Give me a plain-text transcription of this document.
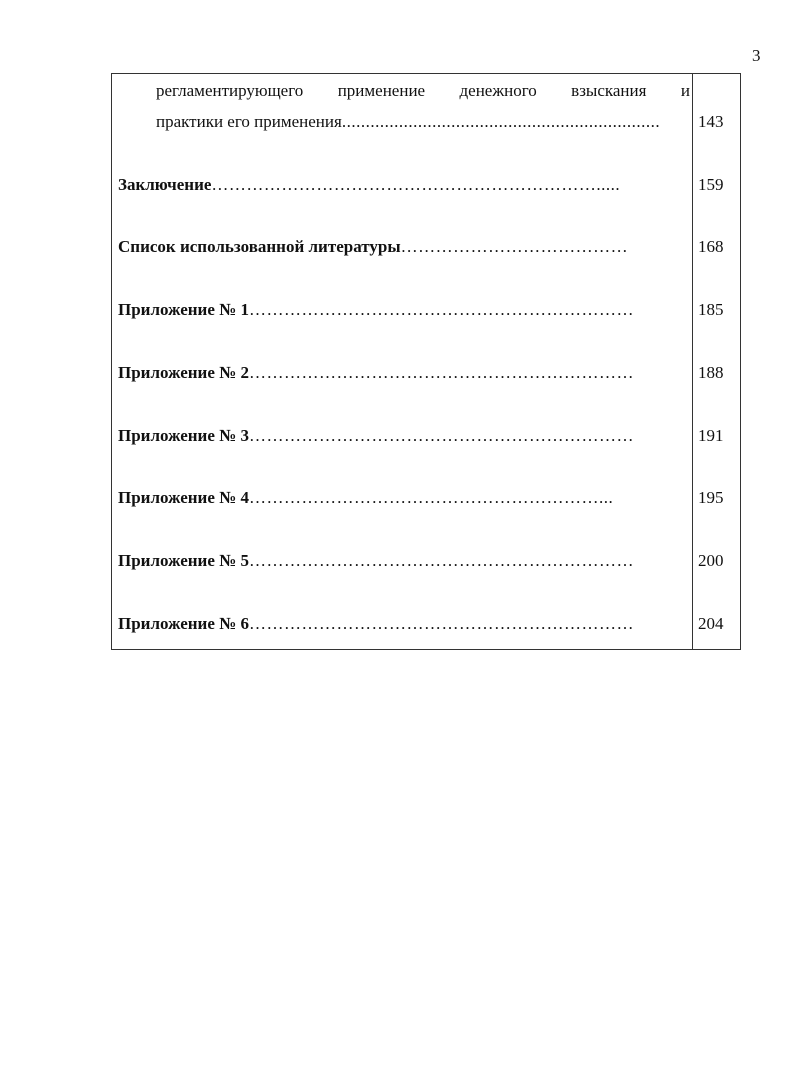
3
регламентирующего применение денежного взыскания и
практики его применения...................................................................	143
Заключение………………………………………………………….....	159
Список использованной литературы…………………………………	168
Приложение № 1…………………………………………………………	185
Приложение № 2…………………………………………………………	188
Приложение № 3…………………………………………………………	191
Приложение № 4……………………………………………………...	195
Приложение № 5…………………………………………………………	200
Приложение № 6…………………………………………………………	204
